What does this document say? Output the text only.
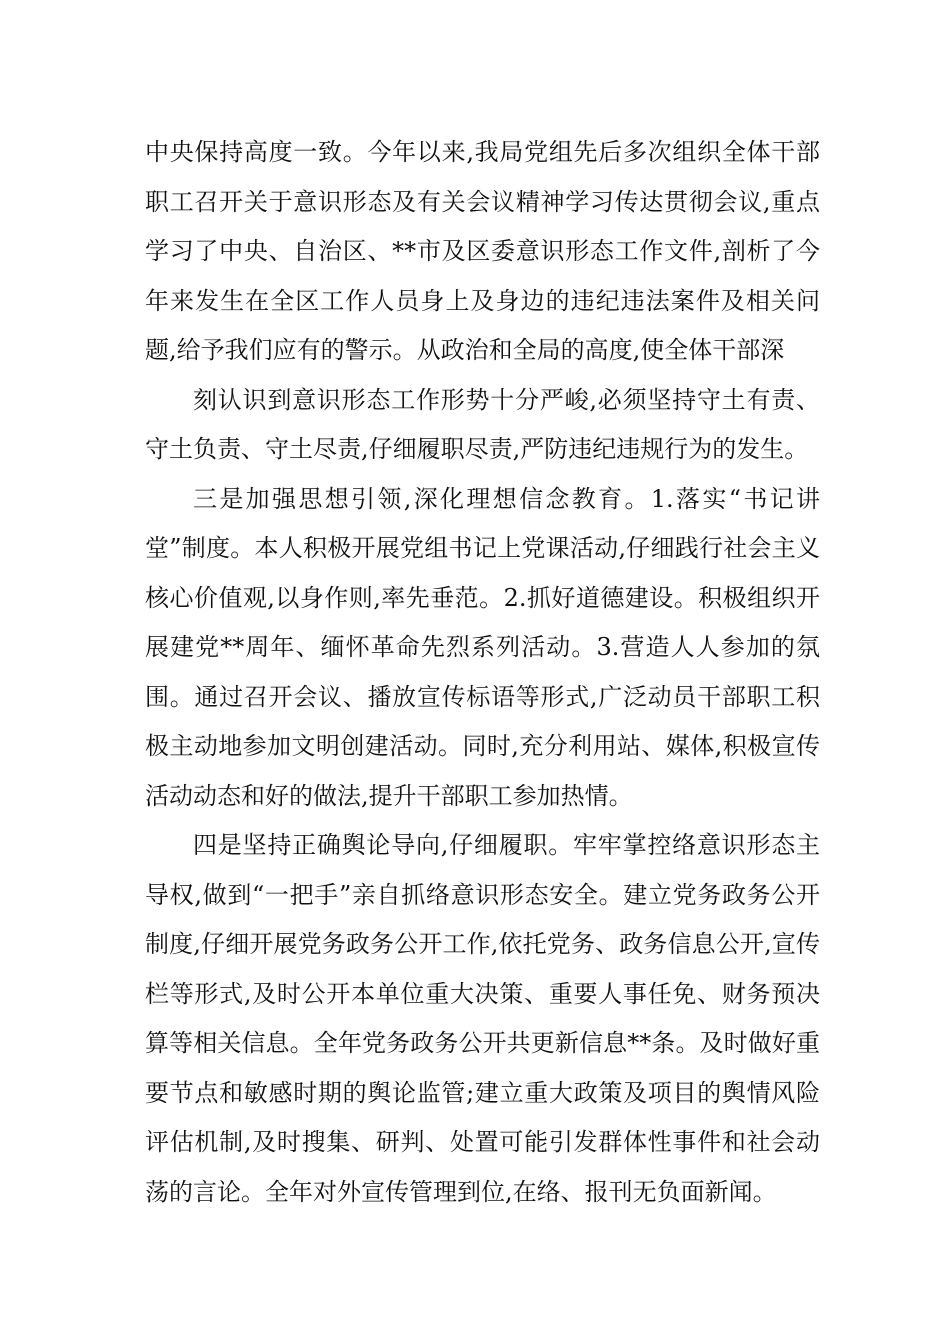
中央保持高度一致。今年以来,我局党组先后多次组织全体干部职工召开关于意识形态及有关会议精神学习传达贯彻会议,重点学习了中央、自治区、**市及区委意识形态工作文件,剖析了今年来发生在全区工作人员身上及身边的违纪违法案件及相关问题,给予我们应有的警示。从政治和全局的高度,使全体干部深

刻认识到意识形态工作形势十分严峻,必须坚持守土有责、守土负责、守土尽责,仔细履职尽责,严防违纪违规行为的发生。

三是加强思想引领,深化理想信念教育。1.落实“书记讲堂”制度。本人积极开展党组书记上党课活动,仔细践行社会主义核心价值观,以身作则,率先垂范。2.抓好道德建设。积极组织开展建党**周年、缅怀革命先烈系列活动。3.营造人人参加的氛围。通过召开会议、播放宣传标语等形式,广泛动员干部职工积极主动地参加文明创建活动。同时,充分利用站、媒体,积极宣传活动动态和好的做法,提升干部职工参加热情。

四是坚持正确舆论导向,仔细履职。牢牢掌控络意识形态主导权,做到“一把手”亲自抓络意识形态安全。建立党务政务公开制度,仔细开展党务政务公开工作,依托党务、政务信息公开,宣传栏等形式,及时公开本单位重大决策、重要人事任免、财务预决算等相关信息。全年党务政务公开共更新信息**条。及时做好重要节点和敏感时期的舆论监管;建立重大政策及项目的舆情风险评估机制,及时搜集、研判、处置可能引发群体性事件和社会动荡的言论。全年对外宣传管理到位,在络、报刊无负面新闻。
